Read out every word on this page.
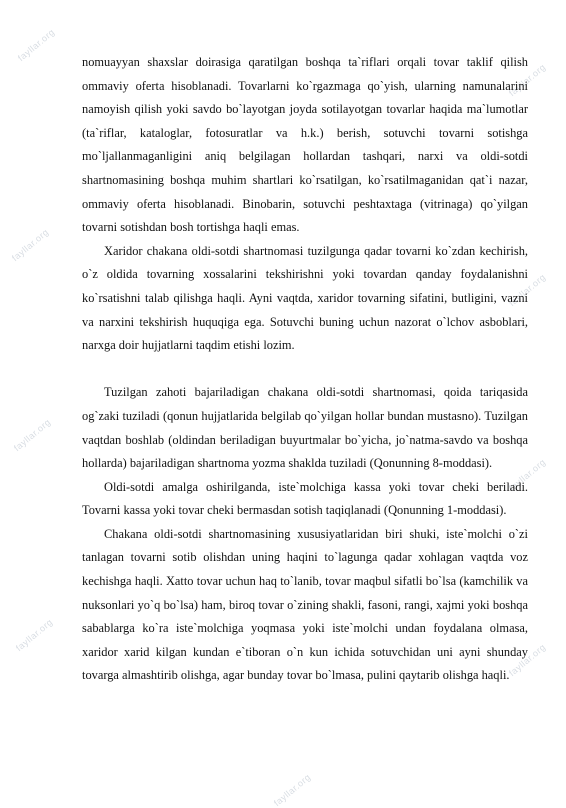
fayllar.org
fayllar.org
fayllar.org
fayllar.org
fayllar.org
fayllar.org
fayllar.org
fayllar.org
fayllar.org

nomuayyan shaxslar doirasiga qaratilgan boshqa ta`riflari orqali tovar taklif qilish ommaviy oferta hisoblanadi. Tovarlarni ko`rgazmaga qo`yish, ularning namunalarini namoyish qilish yoki savdo bo`layotgan joyda sotilayotgan tovarlar haqida ma`lumotlar (ta`riflar, kataloglar, fotosuratlar va h.k.) berish, sotuvchi tovarni sotishga mo`ljallanmaganligini aniq belgilagan hollardan tashqari, narxi va oldi-sotdi shartnomasining boshqa muhim shartlari ko`rsatilgan, ko`rsatilmaganidan qat`i nazar, ommaviy oferta hisoblanadi. Binobarin, sotuvchi peshtaxtaga (vitrinaga) qo`yilgan tovarni sotishdan bosh tortishga haqli emas.

Xaridor chakana oldi-sotdi shartnomasi tuzilgunga qadar tovarni ko`zdan kechirish, o`z oldida tovarning xossalarini tekshirishni yoki tovardan qanday foydalanishni ko`rsatishni talab qilishga haqli. Ayni vaqtda, xaridor tovarning sifatini, butligini, vazni va narxini tekshirish huquqiga ega. Sotuvchi buning uchun nazorat o`lchov asboblari, narxga doir hujjatlarni taqdim etishi lozim.

Tuzilgan zahoti bajariladigan chakana oldi-sotdi shartnomasi, qoida tariqasida og`zaki tuziladi (qonun hujjatlarida belgilab qo`yilgan hollar bundan mustasno). Tuzilgan vaqtdan boshlab (oldindan beriladigan buyurtmalar bo`yicha, jo`natma-savdo va boshqa hollarda) bajariladigan shartnoma yozma shaklda tuziladi (Qonunning 8-moddasi).

Oldi-sotdi amalga oshirilganda, iste`molchiga kassa yoki tovar cheki beriladi. Tovarni kassa yoki tovar cheki bermasdan sotish taqiqlanadi (Qonunning 1-moddasi).

Chakana oldi-sotdi shartnomasining xususiyatlaridan biri shuki, iste`molchi o`zi tanlagan tovarni sotib olishdan uning haqini to`lagunga qadar xohlagan vaqtda voz kechishga haqli. Xatto tovar uchun haq to`lanib, tovar maqbul sifatli bo`lsa (kamchilik va nuksonlari yo`q bo`lsa) ham, biroq tovar o`zining shakli, fasoni, rangi, xajmi yoki boshqa sabablarga ko`ra iste`molchiga yoqmasa yoki iste`molchi undan foydalana olmasa, xaridor xarid kilgan kundan e`tiboran o`n kun ichida sotuvchidan uni ayni shunday tovarga almashtirib olishga, agar bunday tovar bo`lmasa, pulini qaytarib olishga haqli.
